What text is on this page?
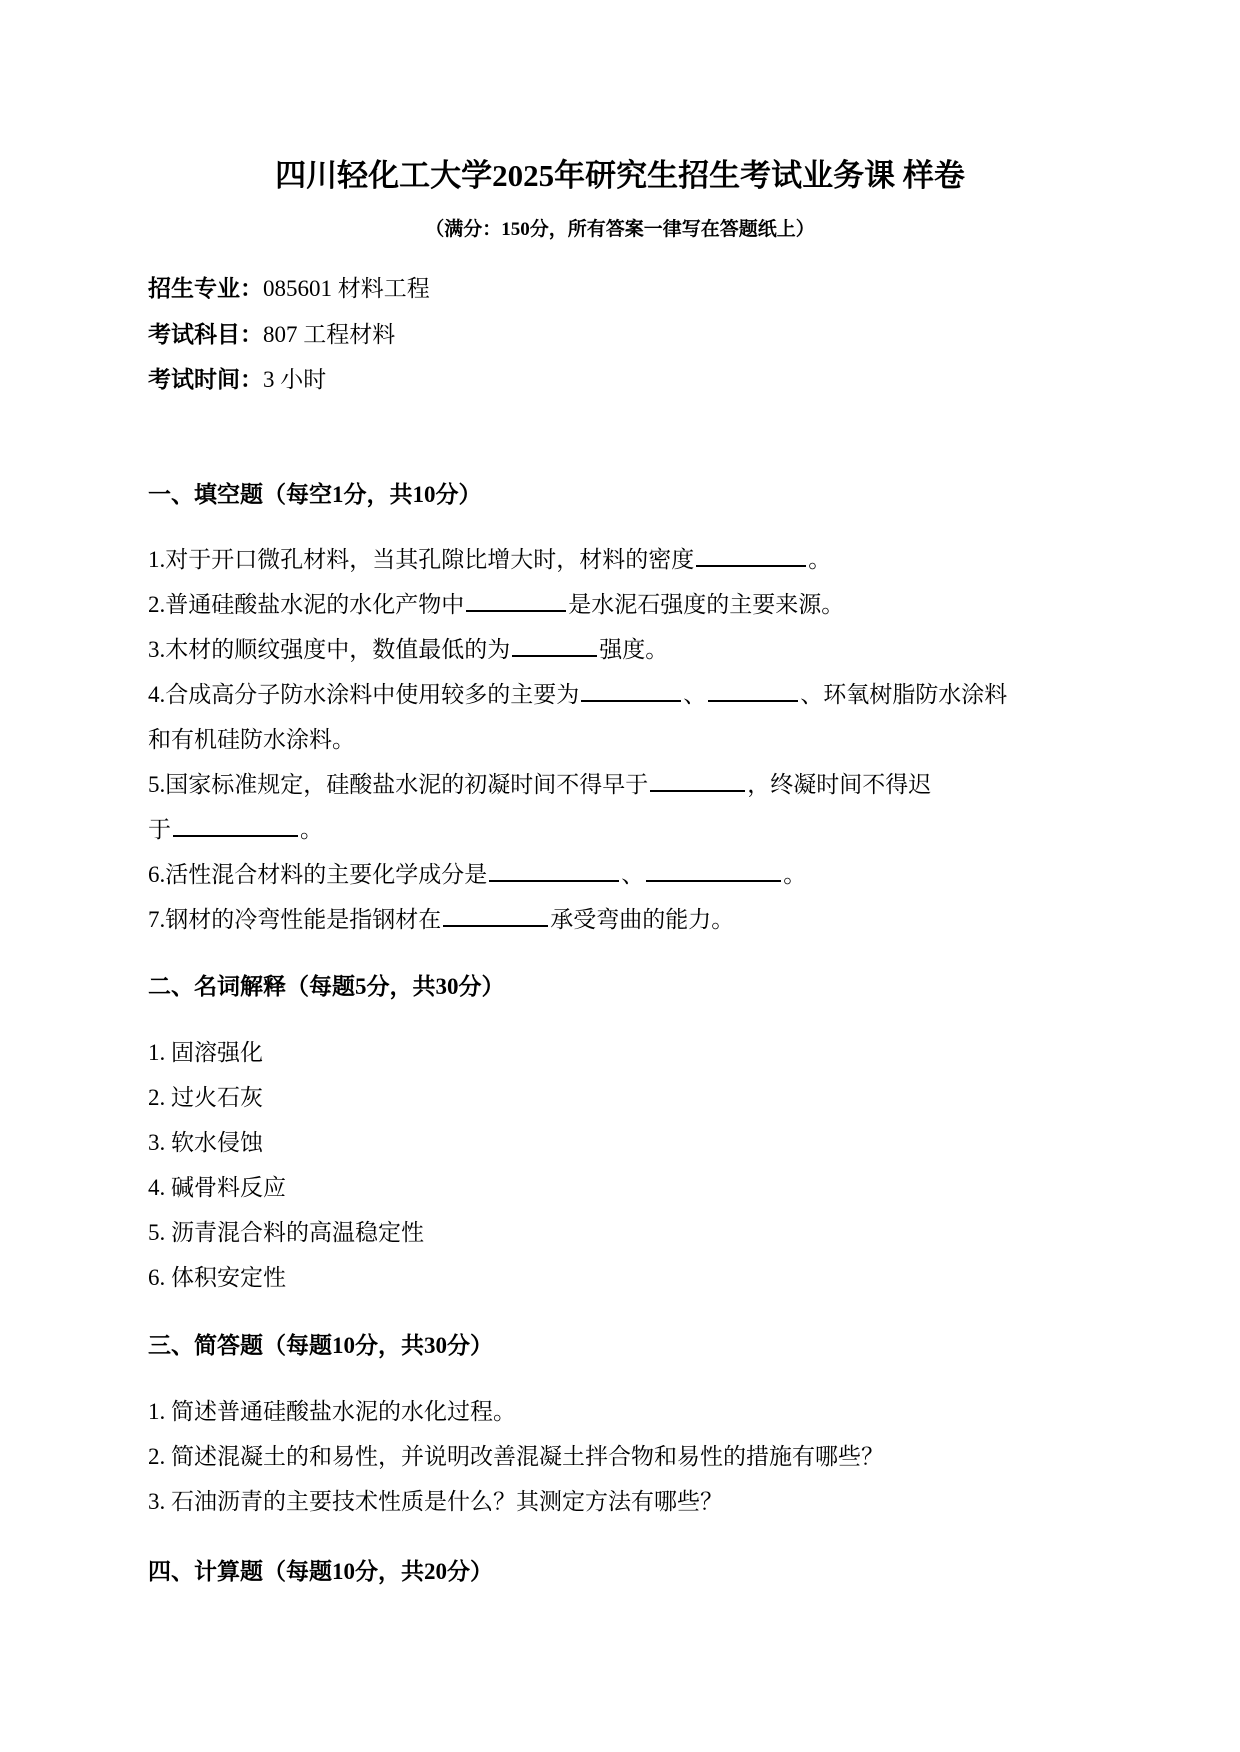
四川轻化工大学2025年研究生招生考试业务课 样卷
（满分：150分，所有答案一律写在答题纸上）
招生专业：085601 材料工程
考试科目：807 工程材料
考试时间：3 小时
一、填空题（每空1分，共10分）
1.对于开口微孔材料，当其孔隙比增大时，材料的密度	。
2.普通硅酸盐水泥的水化产物中	是水泥石强度的主要来源。
3.木材的顺纹强度中，数值最低的为	强度。
4.合成高分子防水涂料中使用较多的主要为	、	、环氧树脂防水涂料
和有机硅防水涂料。
5.国家标准规定，硅酸盐水泥的初凝时间不得早于	，终凝时间不得迟
于	。
6.活性混合材料的主要化学成分是	、	。
7.钢材的冷弯性能是指钢材在	承受弯曲的能力。
二、名词解释（每题5分，共30分）
1. 固溶强化
2. 过火石灰
3. 软水侵蚀
4. 碱骨料反应
5. 沥青混合料的高温稳定性
6. 体积安定性
三、简答题（每题10分，共30分）
1. 简述普通硅酸盐水泥的水化过程。
2. 简述混凝土的和易性，并说明改善混凝土拌合物和易性的措施有哪些？
3. 石油沥青的主要技术性质是什么？其测定方法有哪些？
四、计算题（每题10分，共20分）
